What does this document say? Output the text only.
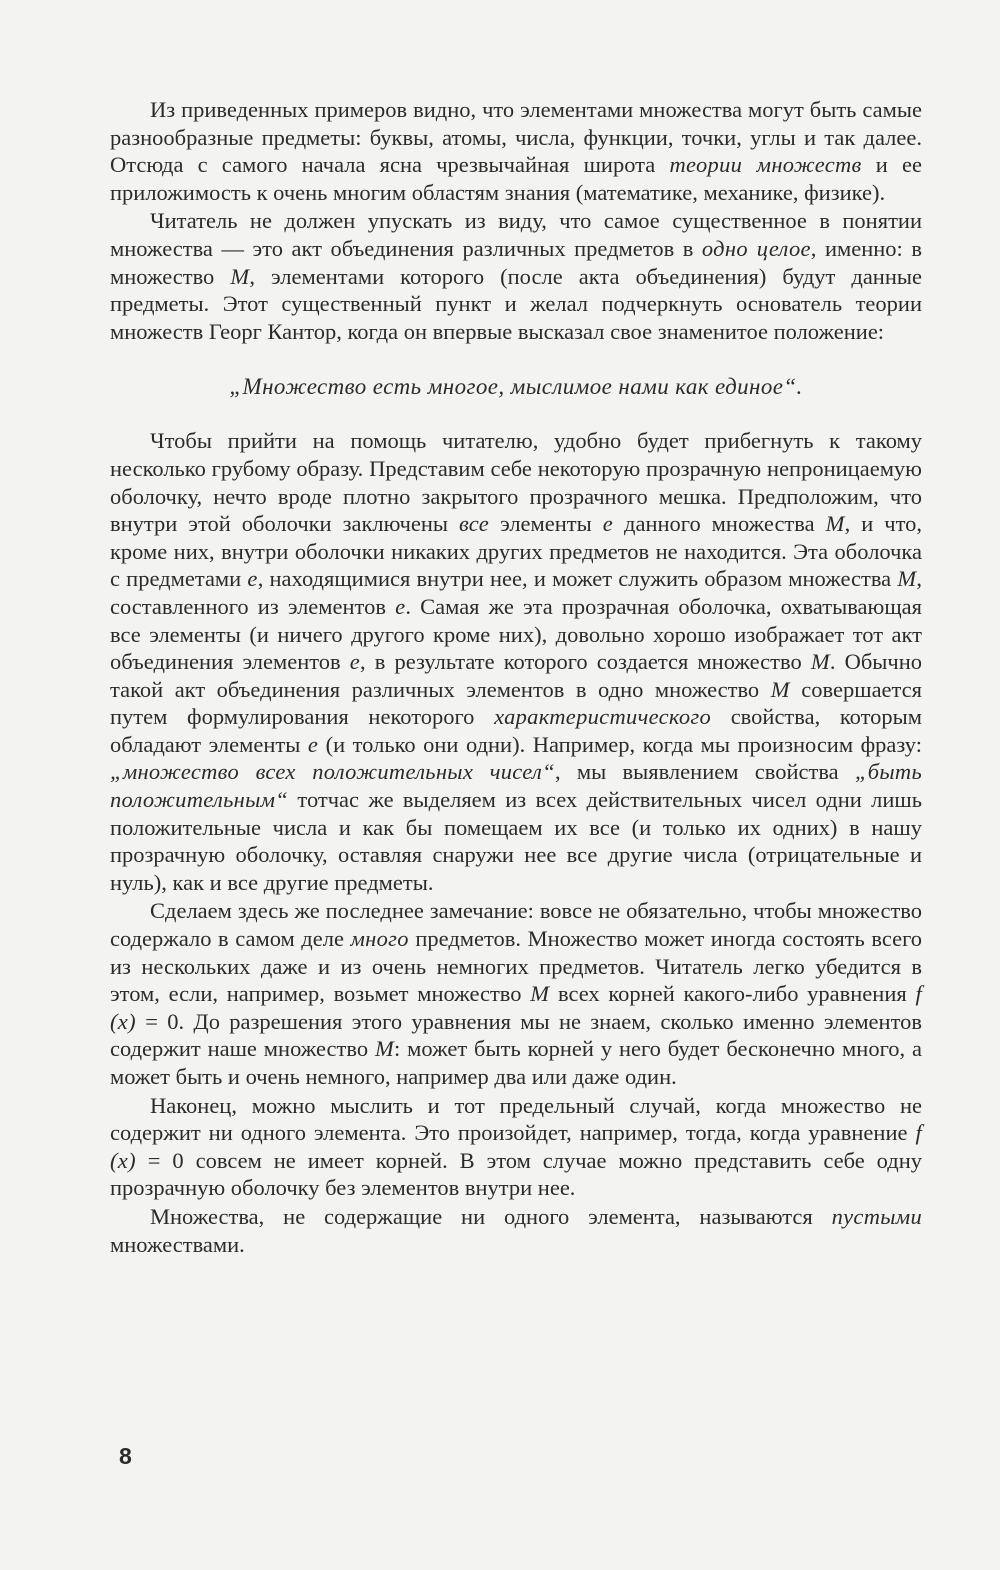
Из приведенных примеров видно, что элементами множества могут быть самые разнообразные предметы: буквы, атомы, числа, функции, точки, углы и так далее. Отсюда с самого начала ясна чрезвычайная широта теории множеств и ее приложимость к очень многим областям знания (математике, механике, физике).

Читатель не должен упускать из виду, что самое существенное в понятии множества — это акт объединения различных предметов в одно целое, именно: в множество М, элементами которого (после акта объединения) будут данные предметы. Этот существенный пункт и желал подчеркнуть основатель теории множеств Георг Кантор, когда он впервые высказал свое знаменитое положение:

„Множество есть многое, мыслимое нами как единое“.

Чтобы прийти на помощь читателю, удобно будет прибегнуть к такому несколько грубому образу. Представим себе некоторую прозрачную непроницаемую оболочку, нечто вроде плотно закрытого прозрачного мешка. Предположим, что внутри этой оболочки заключены все элементы е данного множества М, и что, кроме них, внутри оболочки никаких других предметов не находится. Эта оболочка с предметами е, находящимися внутри нее, и может служить образом множества М, составленного из элементов е. Самая же эта прозрачная оболочка, охватывающая все элементы (и ничего другого кроме них), довольно хорошо изображает тот акт объединения элементов е, в результате которого создается множество М. Обычно такой акт объединения различных элементов в одно множество М совершается путем формулирования некоторого характеристического свойства, которым обладают элементы е (и только они одни). Например, когда мы произносим фразу: „множество всех положительных чисел“, мы выявлением свойства „быть положительным“ тотчас же выделяем из всех действительных чисел одни лишь положительные числа и как бы помещаем их все (и только их одних) в нашу прозрачную оболочку, оставляя снаружи нее все другие числа (отрицательные и нуль), как и все другие предметы.

Сделаем здесь же последнее замечание: вовсе не обязательно, чтобы множество содержало в самом деле много предметов. Множество может иногда состоять всего из нескольких даже и из очень немногих предметов. Читатель легко убедится в этом, если, например, возьмет множество М всех корней какого-либо уравнения f (x) = 0. До разрешения этого уравнения мы не знаем, сколько именно элементов содержит наше множество М: может быть корней у него будет бесконечно много, а может быть и очень немного, например два или даже один.

Наконец, можно мыслить и тот предельный случай, когда множество не содержит ни одного элемента. Это произойдет, например, тогда, когда уравнение f (x) = 0 совсем не имеет корней. В этом случае можно представить себе одну прозрачную оболочку без элементов внутри нее.

Множества, не содержащие ни одного элемента, называются пустыми множествами.

8
